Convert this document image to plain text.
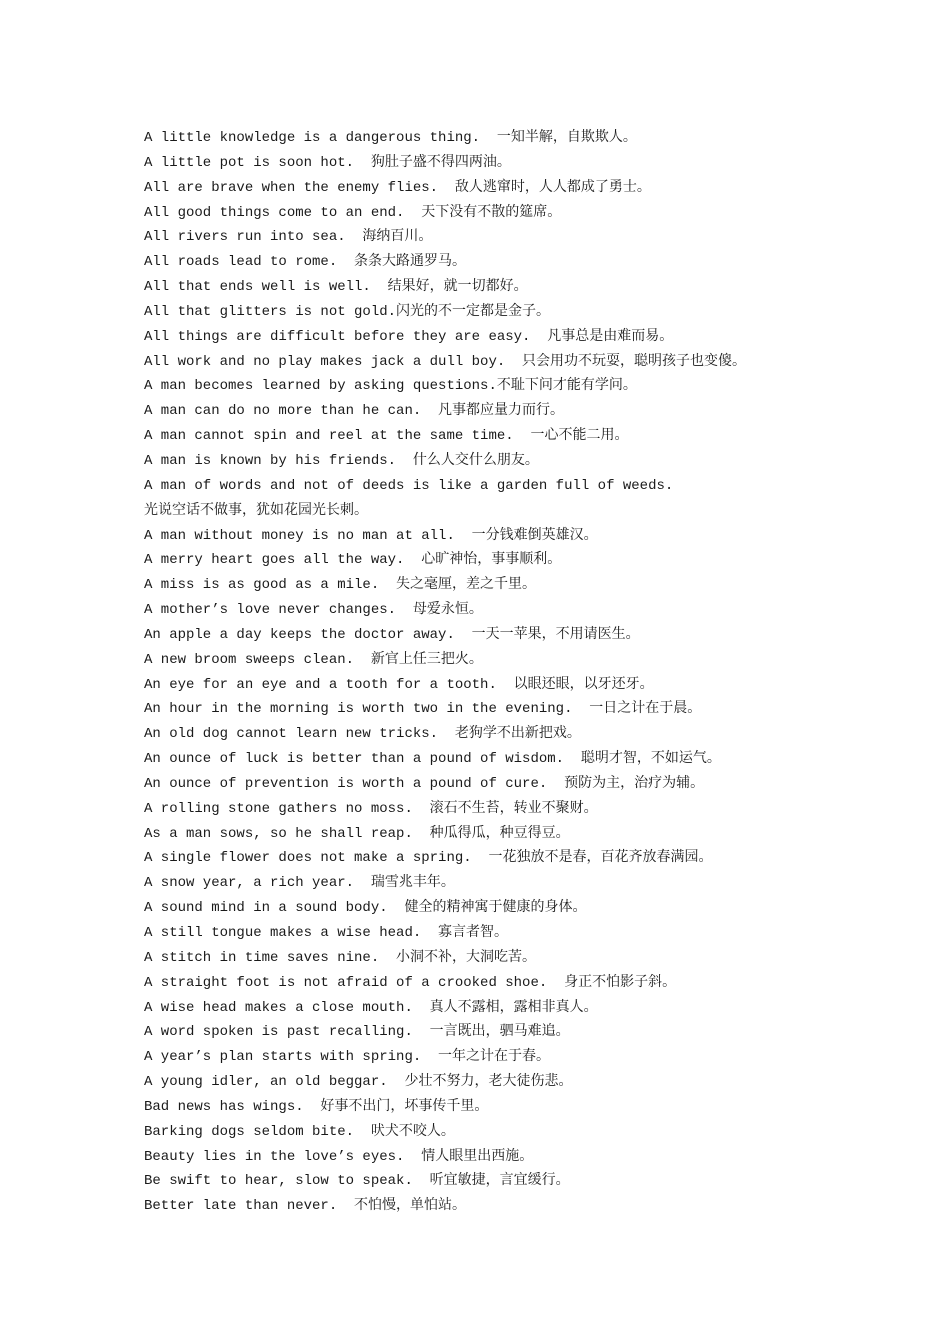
A little knowledge is a dangerous thing.  一知半解，自欺欺人。
A little pot is soon hot.  狗肚子盛不得四两油。
All are brave when the enemy flies.  敌人逃窜时，人人都成了勇士。
All good things come to an end.  天下没有不散的筵席。
All rivers run into sea.  海纳百川。
All roads lead to rome.  条条大路通罗马。
All that ends well is well.  结果好，就一切都好。
All that glitters is not gold.闪光的不一定都是金子。
All things are difficult before they are easy.  凡事总是由难而易。
All work and no play makes jack a dull boy.  只会用功不玩耍，聪明孩子也变傻。
A man becomes learned by asking questions.不耻下问才能有学问。
A man can do no more than he can.  凡事都应量力而行。
A man cannot spin and reel at the same time.  一心不能二用。
A man is known by his friends.  什么人交什么朋友。
A man of words and not of deeds is like a garden full of weeds.
光说空话不做事，犹如花园光长刺。
A man without money is no man at all.  一分钱难倒英雄汉。
A merry heart goes all the way.  心旷神怡，事事顺利。
A miss is as good as a mile.  失之毫厘，差之千里。
A mother’s love never changes.  母爱永恒。
An apple a day keeps the doctor away.  一天一苹果，不用请医生。
A new broom sweeps clean.  新官上任三把火。
An eye for an eye and a tooth for a tooth.  以眼还眼，以牙还牙。
An hour in the morning is worth two in the evening.  一日之计在于晨。
An old dog cannot learn new tricks.  老狗学不出新把戏。
An ounce of luck is better than a pound of wisdom.  聪明才智，不如运气。
An ounce of prevention is worth a pound of cure.  预防为主，治疗为辅。
A rolling stone gathers no moss.  滚石不生苔，转业不聚财。
As a man sows, so he shall reap.  种瓜得瓜，种豆得豆。
A single flower does not make a spring.  一花独放不是春，百花齐放春满园。
A snow year, a rich year.  瑞雪兆丰年。
A sound mind in a sound body.  健全的精神寓于健康的身体。
A still tongue makes a wise head.  寡言者智。
A stitch in time saves nine.  小洞不补，大洞吃苦。
A straight foot is not afraid of a crooked shoe.  身正不怕影子斜。
A wise head makes a close mouth.  真人不露相，露相非真人。
A word spoken is past recalling.  一言既出，驷马难追。
A year’s plan starts with spring.  一年之计在于春。
A young idler, an old beggar.  少壮不努力，老大徒伤悲。
Bad news has wings.  好事不出门，坏事传千里。
Barking dogs seldom bite.  吠犬不咬人。
Beauty lies in the love’s eyes.  情人眼里出西施。
Be swift to hear, slow to speak.  听宜敏捷，言宜缓行。
Better late than never.  不怕慢，单怕站。
